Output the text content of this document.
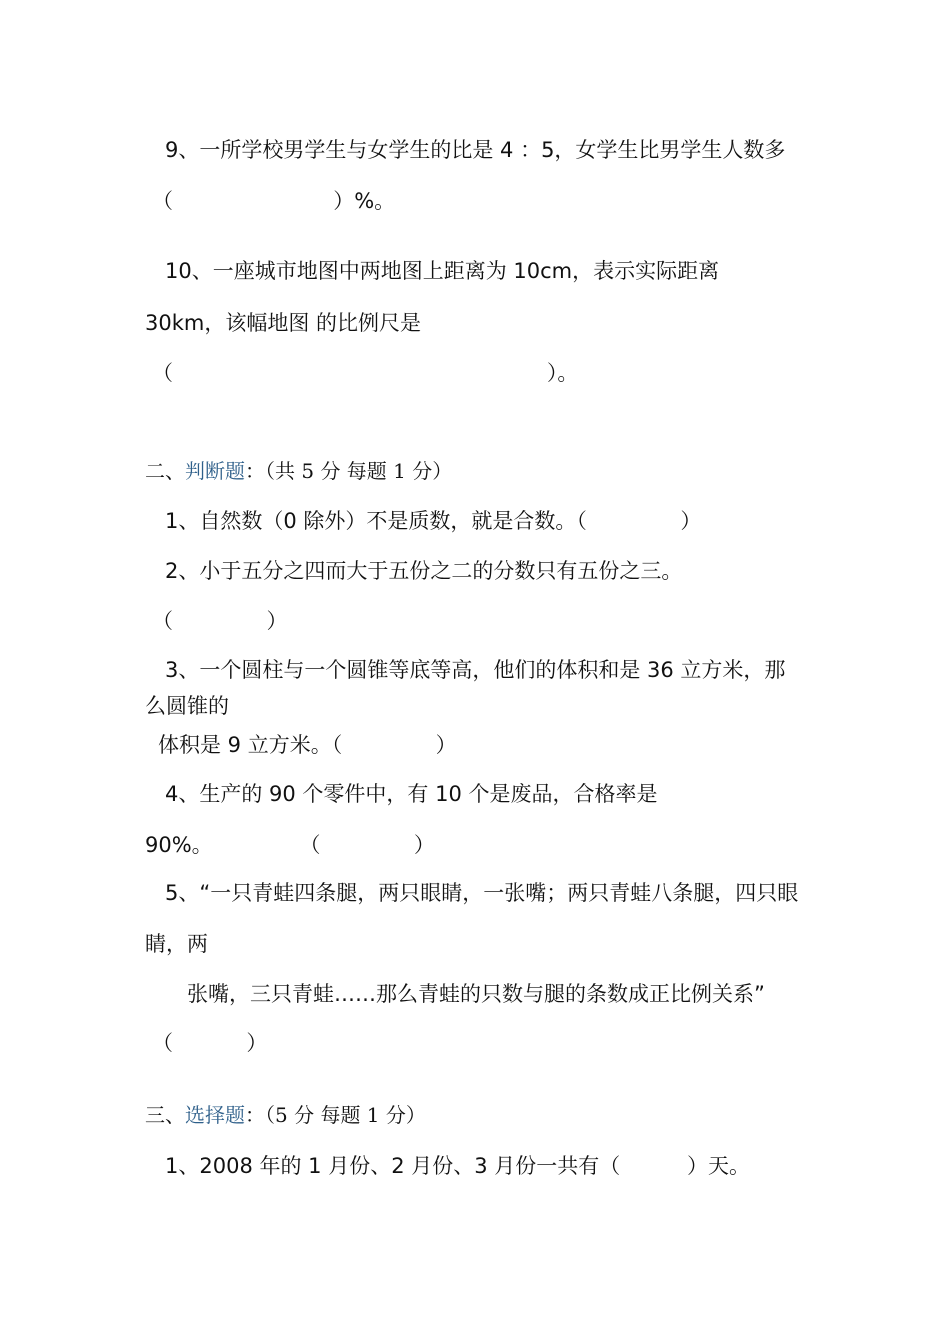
9、一所学校男学生与女学生的比是 4 ：5，女学生比男学生人数多
（                        ）%。
10、一座城市地图中两地图上距离为 10cm，表示实际距离
30km，该幅地图 的比例尺是
（                                                        ）。
二、判断题：（共 5 分 每题 1 分）
1、自然数（0 除外）不是质数，就是合数。（              ）
2、小于五分之四而大于五份之二的分数只有五份之三。
（              ）
3、一个圆柱与一个圆锥等底等高，他们的体积和是 36 立方米，那
么圆锥的
体积是 9 立方米。（              ）
4、生产的 90 个零件中，有 10 个是废品，合格率是
90%。             （              ）
5、“一只青蛙四条腿，两只眼睛，一张嘴；两只青蛙八条腿，四只眼
睛，两
张嘴，三只青蛙……那么青蛙的只数与腿的条数成正比例关系”
（           ）
三、选择题：（5 分 每题 1 分）
1、2008 年的 1 月份、2 月份、3 月份一共有（          ）天。
